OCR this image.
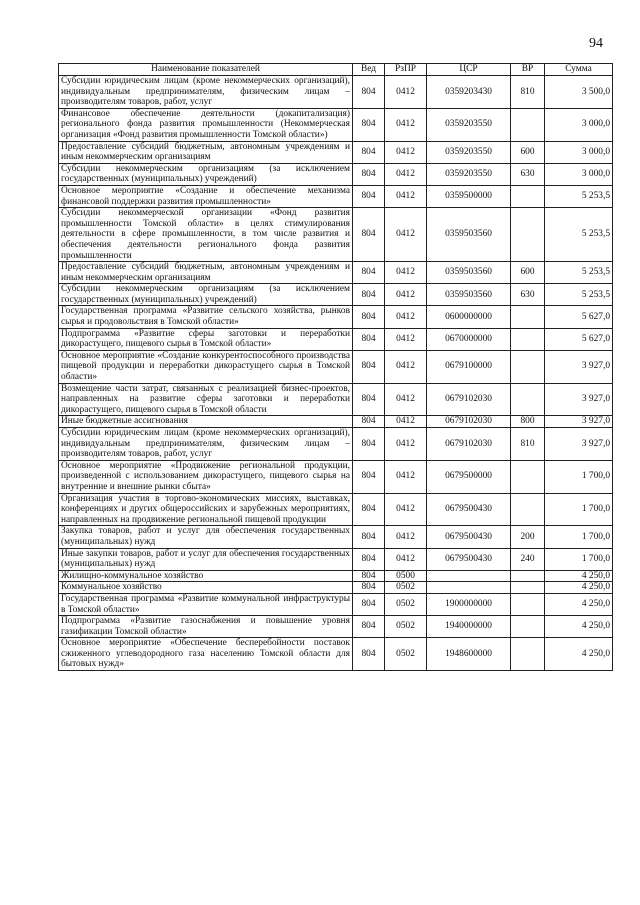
94
Наименование показателей	Вед	РзПР	ЦСР	ВР	Сумма
Субсидии юридическим лицам (кроме некоммерческих организаций), индивидуальным предпринимателям, физическим лицам – производителям товаров, работ, услуг	804	0412	0359203430	810	3 500,0
Финансовое обеспечение деятельности (докапитализация) регионального фонда развития промышленности (Некоммерческая организация «Фонд развития промышленности Томской области»)	804	0412	0359203550		3 000,0
Предоставление субсидий бюджетным, автономным учреждениям и иным некоммерческим организациям	804	0412	0359203550	600	3 000,0
Субсидии некоммерческим организациям (за исключением государственных (муниципальных) учреждений)	804	0412	0359203550	630	3 000,0
Основное мероприятие «Создание и обеспечение механизма финансовой поддержки развития промышленности»	804	0412	0359500000		5 253,5
Субсидии некоммерческой организации «Фонд развития промышленности Томской области» в целях стимулирования деятельности в сфере промышленности, в том числе развития и обеспечения деятельности регионального фонда развития промышленности	804	0412	0359503560		5 253,5
Предоставление субсидий бюджетным, автономным учреждениям и иным некоммерческим организациям	804	0412	0359503560	600	5 253,5
Субсидии некоммерческим организациям (за исключением государственных (муниципальных) учреждений)	804	0412	0359503560	630	5 253,5
Государственная программа «Развитие сельского хозяйства, рынков сырья и продовольствия в Томской области»	804	0412	0600000000		5 627,0
Подпрограмма «Развитие сферы заготовки и переработки дикорастущего, пищевого сырья в Томской области»	804	0412	0670000000		5 627,0
Основное мероприятие «Создание конкурентоспособного производства пищевой продукции и переработки дикорастущего сырья в Томской области»	804	0412	0679100000		3 927,0
Возмещение части затрат, связанных с реализацией бизнес-проектов, направленных на развитие сферы заготовки и переработки дикорастущего, пищевого сырья в Томской области	804	0412	0679102030		3 927,0
Иные бюджетные ассигнования	804	0412	0679102030	800	3 927,0
Субсидии юридическим лицам (кроме некоммерческих организаций), индивидуальным предпринимателям, физическим лицам – производителям товаров, работ, услуг	804	0412	0679102030	810	3 927,0
Основное мероприятие «Продвижение региональной продукции, произведенной с использованием дикорастущего, пищевого сырья на внутренние и внешние рынки сбыта»	804	0412	0679500000		1 700,0
Организация участия в торгово-экономических миссиях, выставках, конференциях и других общероссийских и зарубежных мероприятиях, направленных на продвижение региональной пищевой продукции	804	0412	0679500430		1 700,0
Закупка товаров, работ и услуг для обеспечения государственных (муниципальных) нужд	804	0412	0679500430	200	1 700,0
Иные закупки товаров, работ и услуг для обеспечения государственных (муниципальных) нужд	804	0412	0679500430	240	1 700,0
Жилищно-коммунальное хозяйство	804	0500			4 250,0
Коммунальное хозяйство	804	0502			4 250,0
Государственная программа «Развитие коммунальной инфраструктуры в Томской области»	804	0502	1900000000		4 250,0
Подпрограмма «Развитие газоснабжения и повышение уровня газификации Томской области»	804	0502	1940000000		4 250,0
Основное мероприятие «Обеспечение бесперебойности поставок сжиженного углеводородного газа населению Томской области для бытовых нужд»	804	0502	1948600000		4 250,0
